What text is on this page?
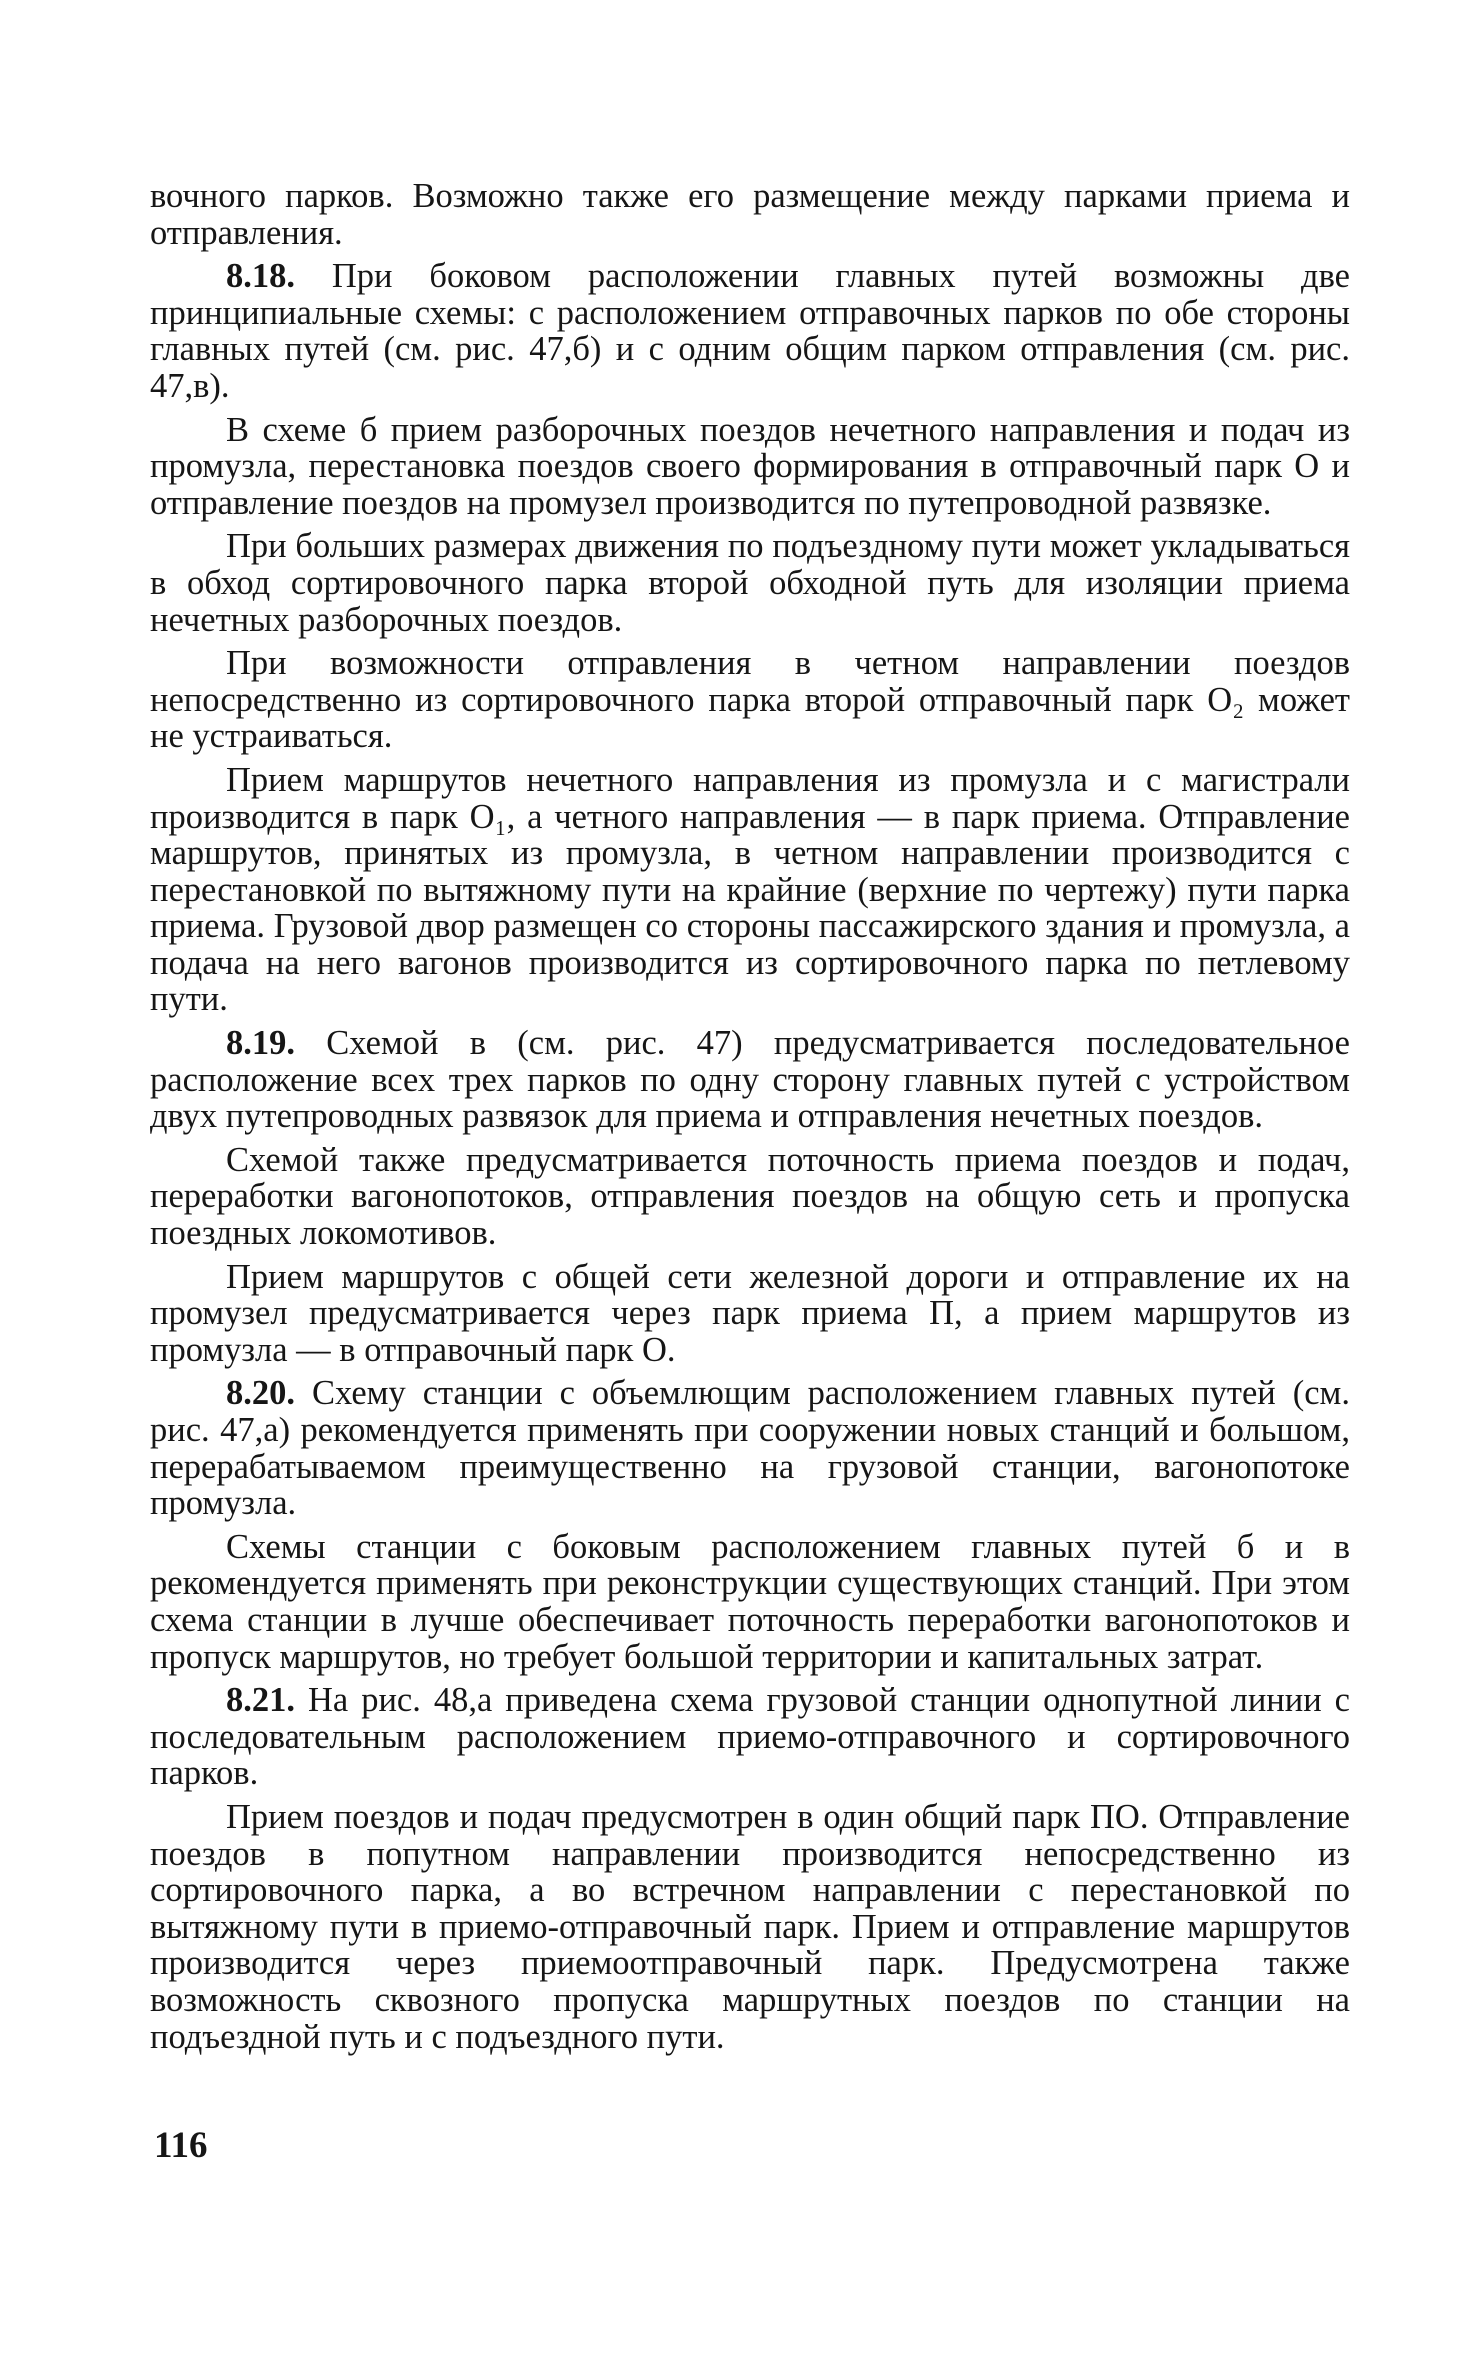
вочного парков. Возможно также его размещение между парками приема и отправления.

8.18. При боковом расположении главных путей возможны две принципиальные схемы: с расположением отправочных парков по обе стороны главных путей (см. рис. 47,б) и с одним общим парком отправления (см. рис. 47,в).

В схеме б прием разборочных поездов нечетного направления и подач из промузла, перестановка поездов своего формирования в отправочный парк О и отправление поездов на промузел производится по путепроводной развязке.

При больших размерах движения по подъездному пути может укладываться в обход сортировочного парка второй обходной путь для изоляции приема нечетных разборочных поездов.

При возможности отправления в четном направлении поездов непосредственно из сортировочного парка второй отправочный парк О₂ может не устраиваться.

Прием маршрутов нечетного направления из промузла и с магистрали производится в парк О₁, а четного направления — в парк приема. Отправление маршрутов, принятых из промузла, в четном направлении производится с перестановкой по вытяжному пути на крайние (верхние по чертежу) пути парка приема. Грузовой двор размещен со стороны пассажирского здания и промузла, а подача на него вагонов производится из сортировочного парка по петлевому пути.

8.19. Схемой в (см. рис. 47) предусматривается последовательное расположение всех трех парков по одну сторону главных путей с устройством двух путепроводных развязок для приема и отправления нечетных поездов.

Схемой также предусматривается поточность приема поездов и подач, переработки вагонопотоков, отправления поездов на общую сеть и пропуска поездных локомотивов.

Прием маршрутов с общей сети железной дороги и отправление их на промузел предусматривается через парк приема П, а прием маршрутов из промузла — в отправочный парк О.

8.20. Схему станции с объемлющим расположением главных путей (см. рис. 47,а) рекомендуется применять при сооружении новых станций и большом, перерабатываемом преимущественно на грузовой станции, вагонопотоке промузла.

Схемы станции с боковым расположением главных путей б и в рекомендуется применять при реконструкции существующих станций. При этом схема станции в лучше обеспечивает поточность переработки вагонопотоков и пропуск маршрутов, но требует большой территории и капитальных затрат.

8.21. На рис. 48,а приведена схема грузовой станции однопутной линии с последовательным расположением приемо-отправочного и сортировочного парков.

Прием поездов и подач предусмотрен в один общий парк ПО. Отправление поездов в попутном направлении производится непосредственно из сортировочного парка, а во встречном направлении с перестановкой по вытяжному пути в приемо-отправочный парк. Прием и отправление маршрутов производится через приемоотправочный парк. Предусмотрена также возможность сквозного пропуска маршрутных поездов по станции на подъездной путь и с подъездного пути.

116
